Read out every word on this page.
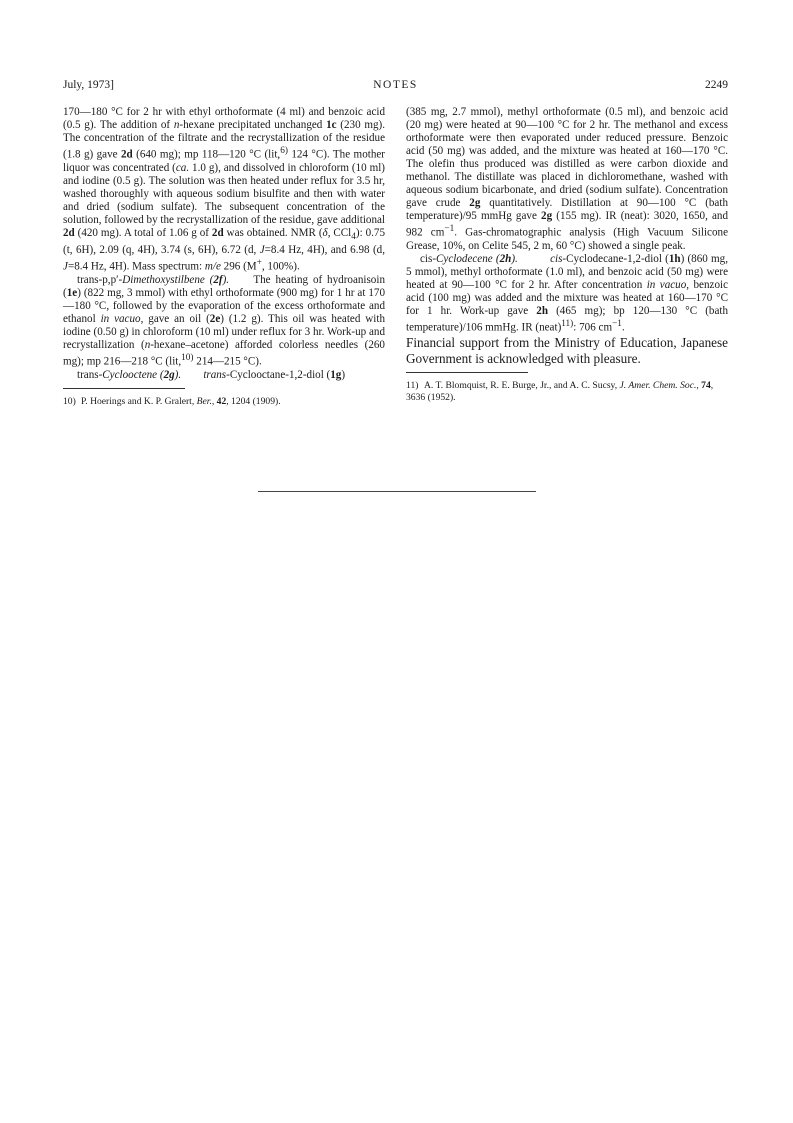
July, 1973]	NOTES	2249

170—180 °C for 2 hr with ethyl orthoformate (4 ml) and benzoic acid (0.5 g). The addition of n-hexane precipitated unchanged 1c (230 mg). The concentration of the filtrate and the recrystallization of the residue (1.8 g) gave 2d (640 mg); mp 118—120 °C (lit,$^{6)}$ 124 °C). The mother liquor was concentrated (ca. 1.0 g), and dissolved in chloroform (10 ml) and iodine (0.5 g). The solution was then heated under reflux for 3.5 hr, washed thoroughly with aqueous sodium bisulfite and then with water and dried (sodium sulfate). The subsequent concentration of the solution, followed by the recrystallization of the residue, gave additional 2d (420 mg). A total of 1.06 g of 2d was obtained. NMR (δ, CCl$_4$): 0.75 (t, 6H), 2.09 (q, 4H), 3.74 (s, 6H), 6.72 (d, J=8.4 Hz, 4H), and 6.98 (d, J=8.4 Hz, 4H). Mass spectrum: m/e 296 (M+, 100%).

trans-p,p′-Dimethoxystilbene (2f).     The heating of hydroanisoin (1e) (822 mg, 3 mmol) with ethyl orthoformate (900 mg) for 1 hr at 170—180 °C, followed by the evaporation of the excess orthoformate and ethanol in vacuo, gave an oil (2e) (1.2 g). This oil was heated with iodine (0.50 g) in chloroform (10 ml) under reflux for 3 hr. Work-up and recrystallization (n-hexane–acetone) afforded colorless needles (260 mg); mp 216—218 °C (lit,$^{10)}$ 214—215 °C).

trans-Cyclooctene (2g). trans-Cyclooctane-1,2-diol (1g)

10) P. Hoerings and K. P. Gralert, Ber., 42, 1204 (1909).

(385 mg, 2.7 mmol), methyl orthoformate (0.5 ml), and benzoic acid (20 mg) were heated at 90—100 °C for 2 hr. The methanol and excess orthoformate were then evaporated under reduced pressure. Benzoic acid (50 mg) was added, and the mixture was heated at 160—170 °C. The olefin thus produced was distilled as were carbon dioxide and methanol. The distillate was placed in dichloromethane, washed with aqueous sodium bicarbonate, and dried (sodium sulfate). Concentration gave crude 2g quantitatively. Distillation at 90—100 °C (bath temperature)/95 mmHg gave 2g (155 mg). IR (neat): 3020, 1650, and 982 $cm^{-1}$. Gas-chromatographic analysis (High Vacuum Silicone Grease, 10%, on Celite 545, 2 m, 60 °C) showed a single peak.

cis-Cyclodecene (2h).	cis-Cyclodecane-1,2-diol (1h) (860 mg, 5 mmol), methyl orthoformate (1.0 ml), and benzoic acid (50 mg) were heated at 90—100 °C for 2 hr. After concentration in vacuo, benzoic acid (100 mg) was added and the mixture was heated at 160—170 °C for 1 hr. Work-up gave 2h (465 mg); bp 120—130 °C (bath temperature)/106 mmHg. IR (neat)$^{11)}$: 706 $cm^{-1}$.

Financial support from the Ministry of Education, Japanese Government is acknowledged with pleasure.

11) A. T. Blomquist, R. E. Burge, Jr., and A. C. Sucsy, J. Amer. Chem. Soc., 74, 3636 (1952).
